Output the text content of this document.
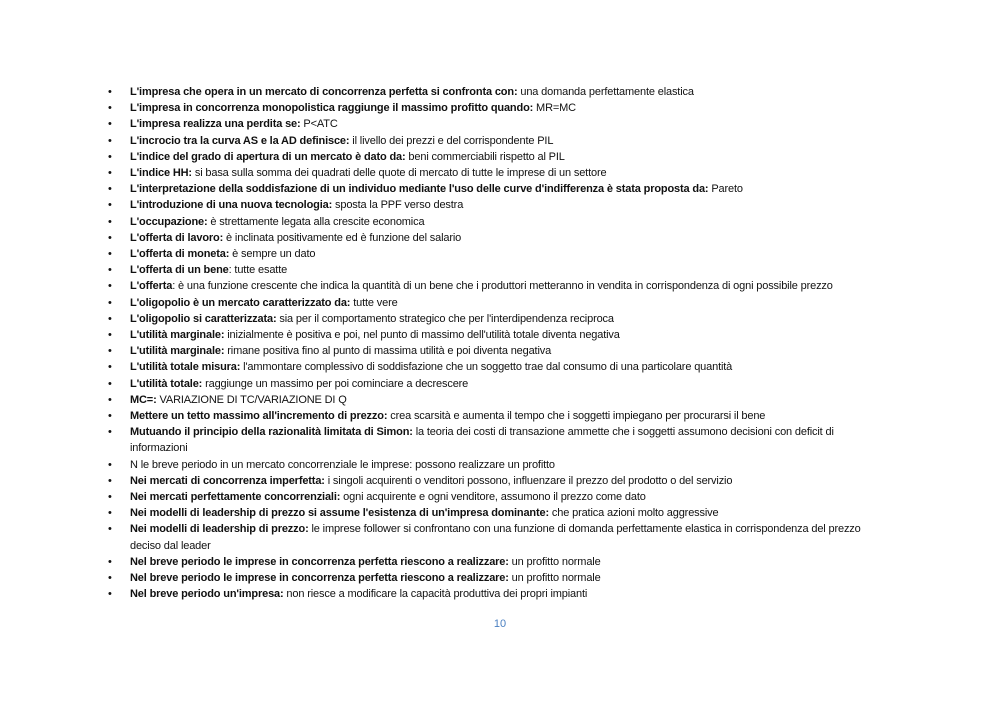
• L'impresa che opera in un mercato di concorrenza perfetta si confronta con: una domanda perfettamente elastica
• L'impresa in concorrenza monopolistica raggiunge il massimo profitto quando: MR=MC
• L'impresa realizza una perdita se: P<ATC
• L'incrocio tra la curva AS e la AD definisce: il livello dei prezzi e del corrispondente PIL
• L'indice del grado di apertura di un mercato è dato da: beni commerciabili rispetto al PIL
• L'indice HH: si basa sulla somma dei quadrati delle quote di mercato di tutte le imprese di un settore
• L'interpretazione della soddisfazione di un individuo mediante l'uso delle curve d'indifferenza è stata proposta da: Pareto
• L'introduzione di una nuova tecnologia: sposta la PPF verso destra
• L'occupazione: è strettamente legata alla crescite economica
• L'offerta di lavoro: è inclinata positivamente ed è funzione del salario
• L'offerta di moneta: è sempre un dato
• L'offerta di un bene: tutte esatte
• L'offerta: è una funzione crescente che indica la quantità di un bene che i produttori metteranno in vendita in corrispondenza di ogni possibile prezzo
• L'oligopolio è un mercato caratterizzato da: tutte vere
• L'oligopolio si caratterizzata: sia per il comportamento strategico che per l'interdipendenza reciproca
• L'utilità marginale: inizialmente è positiva e poi, nel punto di massimo dell'utilità totale diventa negativa
• L'utilità marginale: rimane positiva fino al punto di massima utilità e poi diventa negativa
• L'utilità totale misura: l'ammontare complessivo di soddisfazione che un soggetto trae dal consumo di una particolare quantità
• L'utilità totale: raggiunge un massimo per poi cominciare a decrescere
• MC=: VARIAZIONE DI TC/VARIAZIONE DI Q
• Mettere un tetto massimo all'incremento di prezzo: crea scarsità e aumenta il tempo che i soggetti impiegano per procurarsi il bene
• Mutuando il principio della razionalità limitata di Simon: la teoria dei costi di transazione ammette che i soggetti assumono decisioni con deficit di informazioni
• N le breve periodo in un mercato concorrenziale le imprese: possono realizzare un profitto
• Nei mercati di concorrenza imperfetta: i singoli acquirenti o venditori possono, influenzare il prezzo del prodotto o del servizio
• Nei mercati perfettamente concorrenziali: ogni acquirente e ogni venditore, assumono il prezzo come dato
• Nei modelli di leadership di prezzo si assume l'esistenza di un'impresa dominante: che pratica azioni molto aggressive
• Nei modelli di leadership di prezzo: le imprese follower si confrontano con una funzione di domanda perfettamente elastica in corrispondenza del prezzo deciso dal leader
• Nel breve periodo le imprese in concorrenza perfetta riescono a realizzare: un profitto normale
• Nel breve periodo le imprese in concorrenza perfetta riescono a realizzare: un profitto normale
• Nel breve periodo un'impresa: non riesce a modificare la capacità produttiva dei propri impianti
10
